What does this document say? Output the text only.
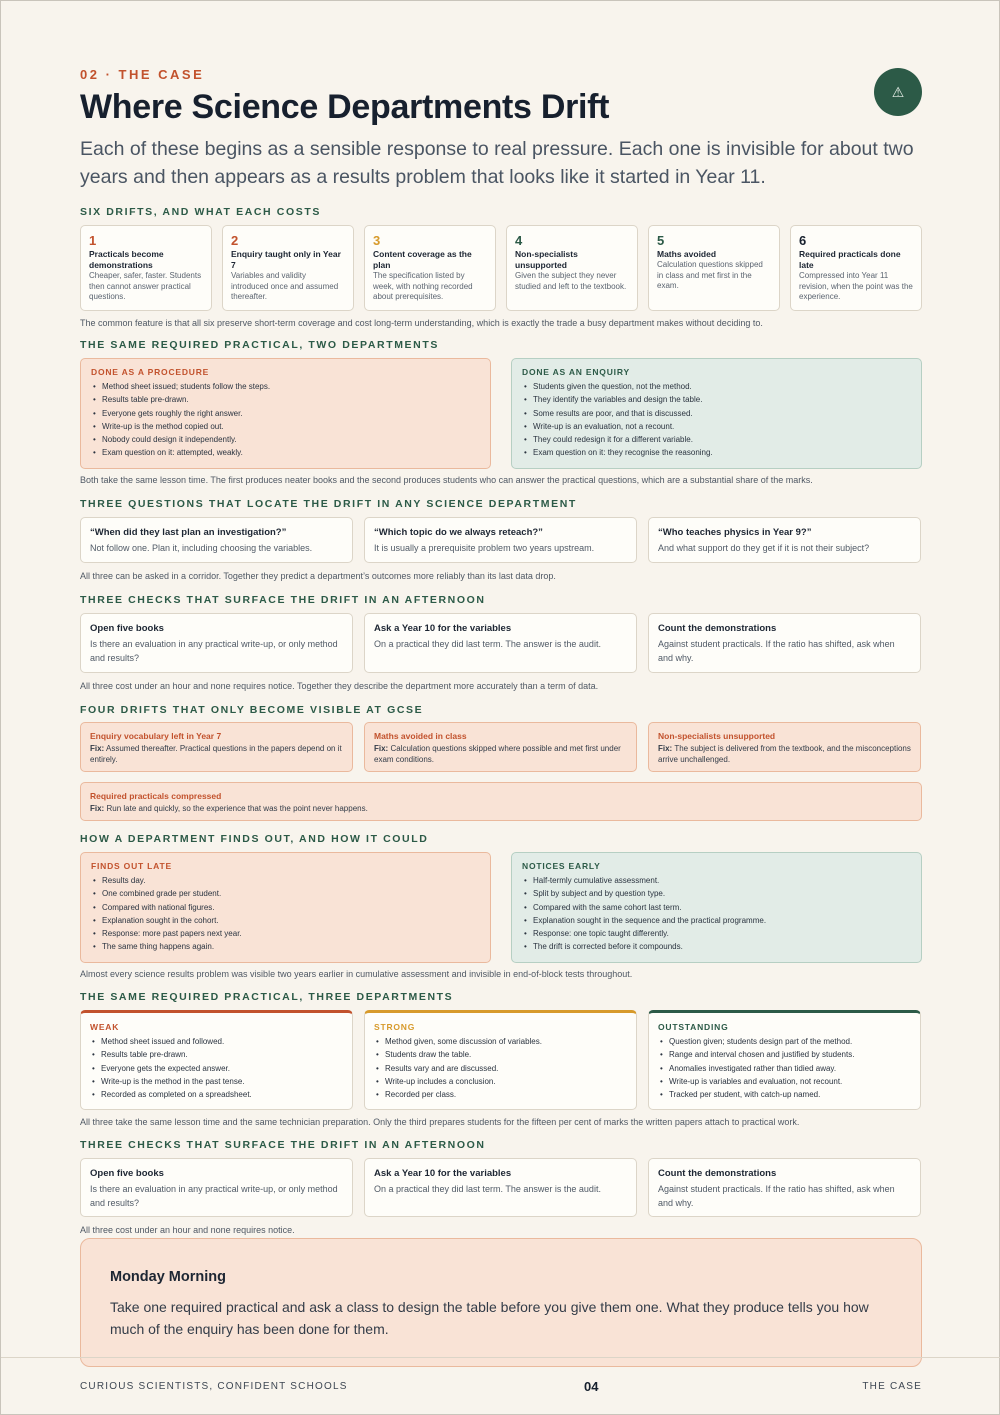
⚠
02 · THE CASE
Where Science Departments Drift

Each of these begins as a sensible response to real pressure. Each one is invisible for about two years and then appears as a results problem that looks like it started in Year 11.

SIX DRIFTS, AND WHAT EACH COSTS
1
Practicals become demonstrations
Cheaper, safer, faster. Students then cannot answer practical questions.
2
Enquiry taught only in Year 7
Variables and validity introduced once and assumed thereafter.
3
Content coverage as the plan
The specification listed by week, with nothing recorded about prerequisites.
4
Non-specialists unsupported
Given the subject they never studied and left to the textbook.
5
Maths avoided
Calculation questions skipped in class and met first in the exam.
6
Required practicals done late
Compressed into Year 11 revision, when the point was the experience.
The common feature is that all six preserve short-term coverage and cost long-term understanding, which is exactly the trade a busy department makes without deciding to.
THE SAME REQUIRED PRACTICAL, TWO DEPARTMENTS
DONE AS A PROCEDURE
• Method sheet issued; students follow the steps.
• Results table pre-drawn.
• Everyone gets roughly the right answer.
• Write-up is the method copied out.
• Nobody could design it independently.
• Exam question on it: attempted, weakly.
DONE AS AN ENQUIRY
• Students given the question, not the method.
• They identify the variables and design the table.
• Some results are poor, and that is discussed.
• Write-up is an evaluation, not a recount.
• They could redesign it for a different variable.
• Exam question on it: they recognise the reasoning.
Both take the same lesson time. The first produces neater books and the second produces students who can answer the practical questions, which are a substantial share of the marks.
THREE QUESTIONS THAT LOCATE THE DRIFT IN ANY SCIENCE DEPARTMENT
“When did they last plan an investigation?”
Not follow one. Plan it, including choosing the variables.
“Which topic do we always reteach?”
It is usually a prerequisite problem two years upstream.
“Who teaches physics in Year 9?”
And what support do they get if it is not their subject?
All three can be asked in a corridor. Together they predict a department’s outcomes more reliably than its last data drop.
THREE CHECKS THAT SURFACE THE DRIFT IN AN AFTERNOON
Open five books
Is there an evaluation in any practical write-up, or only method and results?
Ask a Year 10 for the variables
On a practical they did last term. The answer is the audit.
Count the demonstrations
Against student practicals. If the ratio has shifted, ask when and why.
All three cost under an hour and none requires notice. Together they describe the department more accurately than a term of data.
FOUR DRIFTS THAT ONLY BECOME VISIBLE AT GCSE
Enquiry vocabulary left in Year 7
Fix: Assumed thereafter. Practical questions in the papers depend on it entirely.
Maths avoided in class
Fix: Calculation questions skipped where possible and met first under exam conditions.
Non-specialists unsupported
Fix: The subject is delivered from the textbook, and the misconceptions arrive unchallenged.
Required practicals compressed
Fix: Run late and quickly, so the experience that was the point never happens.
HOW A DEPARTMENT FINDS OUT, AND HOW IT COULD
FINDS OUT LATE
• Results day.
• One combined grade per student.
• Compared with national figures.
• Explanation sought in the cohort.
• Response: more past papers next year.
• The same thing happens again.
NOTICES EARLY
• Half-termly cumulative assessment.
• Split by subject and by question type.
• Compared with the same cohort last term.
• Explanation sought in the sequence and the practical programme.
• Response: one topic taught differently.
• The drift is corrected before it compounds.
Almost every science results problem was visible two years earlier in cumulative assessment and invisible in end-of-block tests throughout.
THE SAME REQUIRED PRACTICAL, THREE DEPARTMENTS
WEAK
• Method sheet issued and followed.
• Results table pre-drawn.
• Everyone gets the expected answer.
• Write-up is the method in the past tense.
• Recorded as completed on a spreadsheet.
STRONG
• Method given, some discussion of variables.
• Students draw the table.
• Results vary and are discussed.
• Write-up includes a conclusion.
• Recorded per class.
OUTSTANDING
• Question given; students design part of the method.
• Range and interval chosen and justified by students.
• Anomalies investigated rather than tidied away.
• Write-up is variables and evaluation, not recount.
• Tracked per student, with catch-up named.
All three take the same lesson time and the same technician preparation. Only the third prepares students for the fifteen per cent of marks the written papers attach to practical work.
THREE CHECKS THAT SURFACE THE DRIFT IN AN AFTERNOON
Open five books
Is there an evaluation in any practical write-up, or only method and results?
Ask a Year 10 for the variables
On a practical they did last term. The answer is the audit.
Count the demonstrations
Against student practicals. If the ratio has shifted, ask when and why.
All three cost under an hour and none requires notice.
Monday Morning
Take one required practical and ask a class to design the table before you give them one. What they produce tells you how much of the enquiry has been done for them.
CURIOUS SCIENTISTS, CONFIDENT SCHOOLS	04	THE CASE
